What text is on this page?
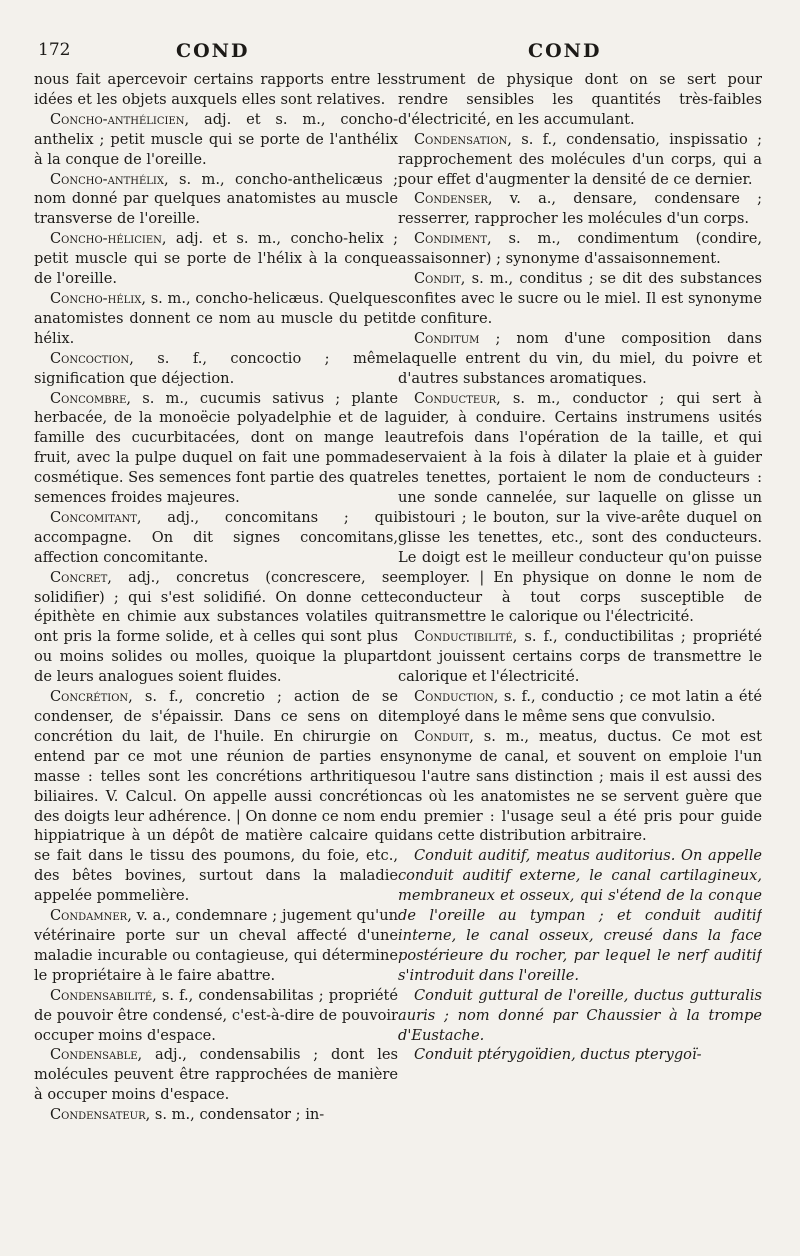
172	COND	COND

nous fait apercevoir certains rapports entre les idées et les objets auxquels elles sont relatives.

Concho-anthélicien, adj. et s. m., concho-anthelix ; petit muscle qui se porte de l'anthélix à la conque de l'oreille.

Concho-anthélix, s. m., concho-anthelicæus ; nom donné par quelques anatomistes au muscle transverse de l'oreille.

Concho-hélicien, adj. et s. m., concho-helix ; petit muscle qui se porte de l'hélix à la conque de l'oreille.

Concho-hélix, s. m., concho-helicæus. Quelques anatomistes donnent ce nom au muscle du petit hélix.

Concoction, s. f., concoctio ; même signification que déjection.

Concombre, s. m., cucumis sativus ; plante herbacée, de la monoëcie polyadelphie et de la famille des cucurbitacées, dont on mange le fruit, avec la pulpe duquel on fait une pommade cosmétique. Ses semences font partie des quatre semences froides majeures.

Concomitant, adj., concomitans ; qui accompagne. On dit signes concomitans, affection concomitante.

Concret, adj., concretus (concrescere, se solidifier) ; qui s'est solidifié. On donne cette épithète en chimie aux substances volatiles qui ont pris la forme solide, et à celles qui sont plus ou moins solides ou molles, quoique la plupart de leurs analogues soient fluides.

Concrétion, s. f., concretio ; action de se condenser, de s'épaissir. Dans ce sens on dit concrétion du lait, de l'huile. En chirurgie on entend par ce mot une réunion de parties en masse : telles sont les concrétions arthritiques biliaires. V. Calcul. On appelle aussi concrétion des doigts leur adhérence. | On donne ce nom en hippiatrique à un dépôt de matière calcaire qui se fait dans le tissu des poumons, du foie, etc., des bêtes bovines, surtout dans la maladie appelée pommelière.

Condamner, v. a., condemnare ; jugement qu'un vétérinaire porte sur un cheval affecté d'une maladie incurable ou contagieuse, qui détermine le propriétaire à le faire abattre.

Condensabilité, s. f., condensabilitas ; propriété de pouvoir être condensé, c'est-à-dire de pouvoir occuper moins d'espace.

Condensable, adj., condensabilis ; dont les molécules peuvent être rapprochées de manière à occuper moins d'espace.

Condensateur, s. m., condensator ; in-

strument de physique dont on se sert pour rendre sensibles les quantités très-faibles d'électricité, en les accumulant.

Condensation, s. f., condensatio, inspissatio ; rapprochement des molécules d'un corps, qui a pour effet d'augmenter la densité de ce dernier.

Condenser, v. a., densare, condensare ; resserrer, rapprocher les molécules d'un corps.

Condiment, s. m., condimentum (condire, assaisonner) ; synonyme d'assaisonnement.

Condit, s. m., conditus ; se dit des substances confites avec le sucre ou le miel. Il est synonyme de confiture.

Conditum ; nom d'une composition dans laquelle entrent du vin, du miel, du poivre et d'autres substances aromatiques.

Conducteur, s. m., conductor ; qui sert à guider, à conduire. Certains instrumens usités autrefois dans l'opération de la taille, et qui servaient à la fois à dilater la plaie et à guider les tenettes, portaient le nom de conducteurs : une sonde cannelée, sur laquelle on glisse un bistouri ; le bouton, sur la vive-arête duquel on glisse les tenettes, etc., sont des conducteurs. Le doigt est le meilleur conducteur qu'on puisse employer. | En physique on donne le nom de conducteur à tout corps susceptible de transmettre le calorique ou l'électricité.

Conductibilité, s. f., conductibilitas ; propriété dont jouissent certains corps de transmettre le calorique et l'électricité.

Conduction, s. f., conductio ; ce mot latin a été employé dans le même sens que convulsio.

Conduit, s. m., meatus, ductus. Ce mot est synonyme de canal, et souvent on emploie l'un ou l'autre sans distinction ; mais il est aussi des cas où les anatomistes ne se servent guère que du premier : l'usage seul a été pris pour guide dans cette distribution arbitraire.

Conduit auditif, meatus auditorius. On appelle conduit auditif externe, le canal cartilagineux, membraneux et osseux, qui s'étend de la conque de l'oreille au tympan ; et conduit auditif interne, le canal osseux, creusé dans la face postérieure du rocher, par lequel le nerf auditif s'introduit dans l'oreille.

Conduit guttural de l'oreille, ductus gutturalis auris ; nom donné par Chaussier à la trompe d'Eustache.

Conduit ptérygoïdien, ductus pterygoï-
